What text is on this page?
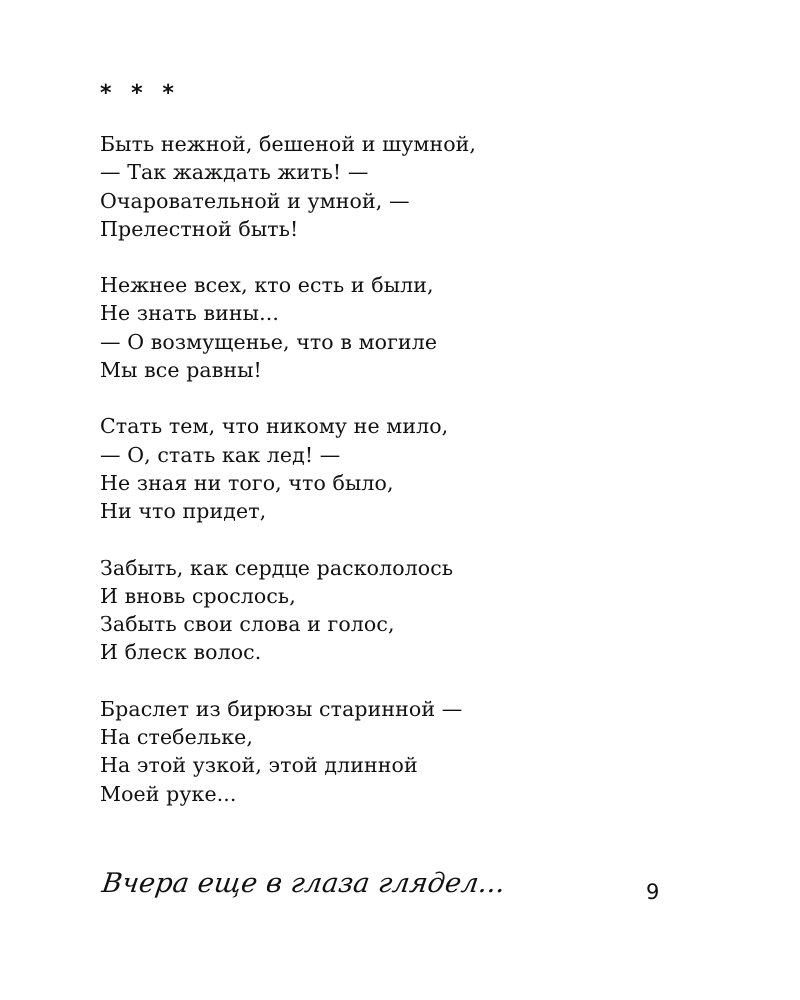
* * *
Быть нежной, бешеной и шумной,
— Так жаждать жить! —
Очаровательной и умной, —
Прелестной быть!
Нежнее всех, кто есть и были,
Не знать вины...
— О возмущенье, что в могиле
Мы все равны!
Стать тем, что никому не мило,
— О, стать как лед! —
Не зная ни того, что было,
Ни что придет,
Забыть, как сердце раскололось
И вновь срослось,
Забыть свои слова и голос,
И блеск волос.
Браслет из бирюзы старинной —
На стебельке,
На этой узкой, этой длинной
Моей руке...
Вчера еще в глаза глядел...	9
